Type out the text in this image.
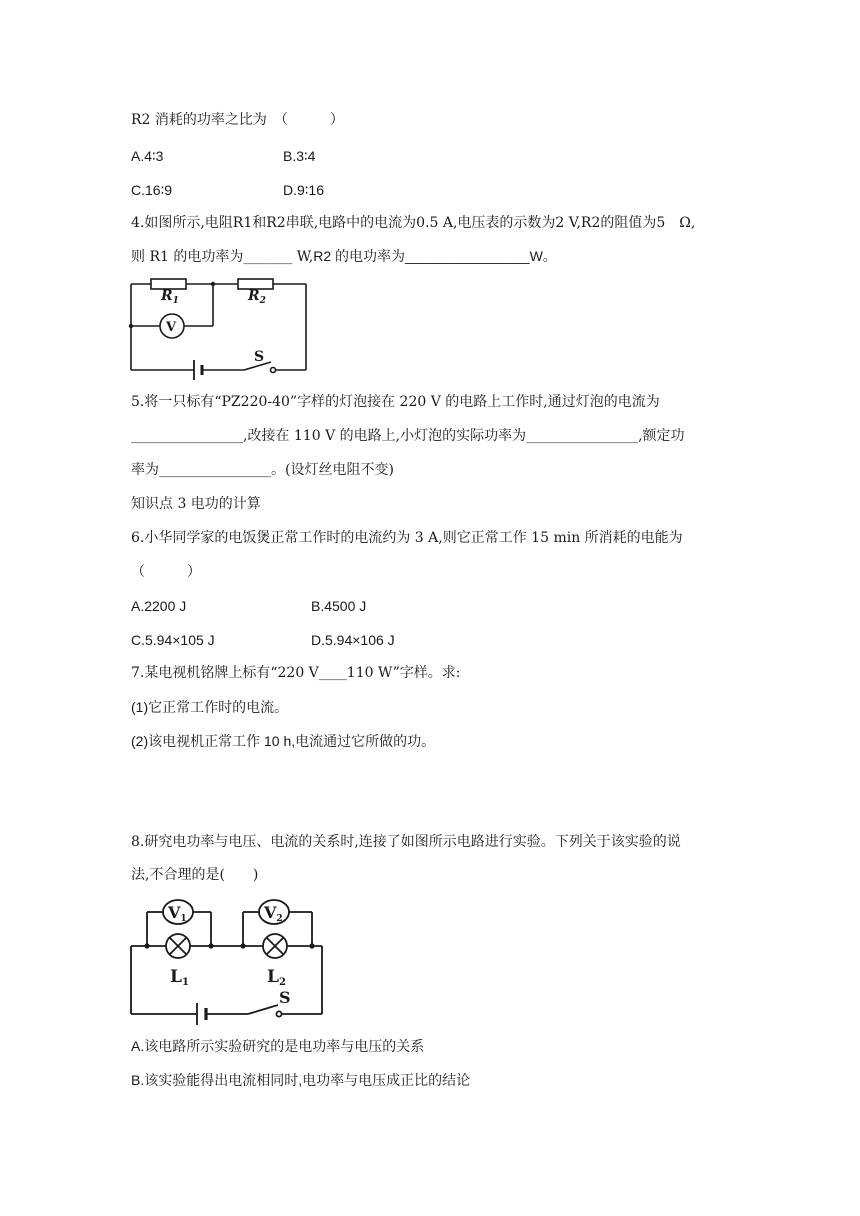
R2 消耗的功率之比为　（　　　）
A.4∶3	B.3∶4
C.16∶9	D.9∶16
4.如图所示,电阻R1和R2串联,电路中的电流为0.5 A,电压表的示数为2 V,R2的阻值为5　Ω,
则 R1 的电功率为_______ W,R2 的电功率为________________W。
$R_1$	$R_2$
V
S
5.将一只标有“PZ220-40”字样的灯泡接在 220 V 的电路上工作时,通过灯泡的电流为
________________,改接在 110 V 的电路上,小灯泡的实际功率为________________,额定功
率为________________。(设灯丝电阻不变)
知识点 3 电功的计算
6.小华同学家的电饭煲正常工作时的电流约为 3 A,则它正常工作 15 min 所消耗的电能为
（　　　）
A.2200 J	B.4500 J
C.5.94×105 J	D.5.94×106 J
7.某电视机铭牌上标有“220 V____110 W”字样。求:
(1)它正常工作时的电流。
(2)该电视机正常工作 10 h,电流通过它所做的功。
8.研究电功率与电压、电流的关系时,连接了如图所示电路进行实验。下列关于该实验的说
法,不合理的是(　　)
V1	V2
L1	L2
S
A.该电路所示实验研究的是电功率与电压的关系
B.该实验能得出电流相同时,电功率与电压成正比的结论
